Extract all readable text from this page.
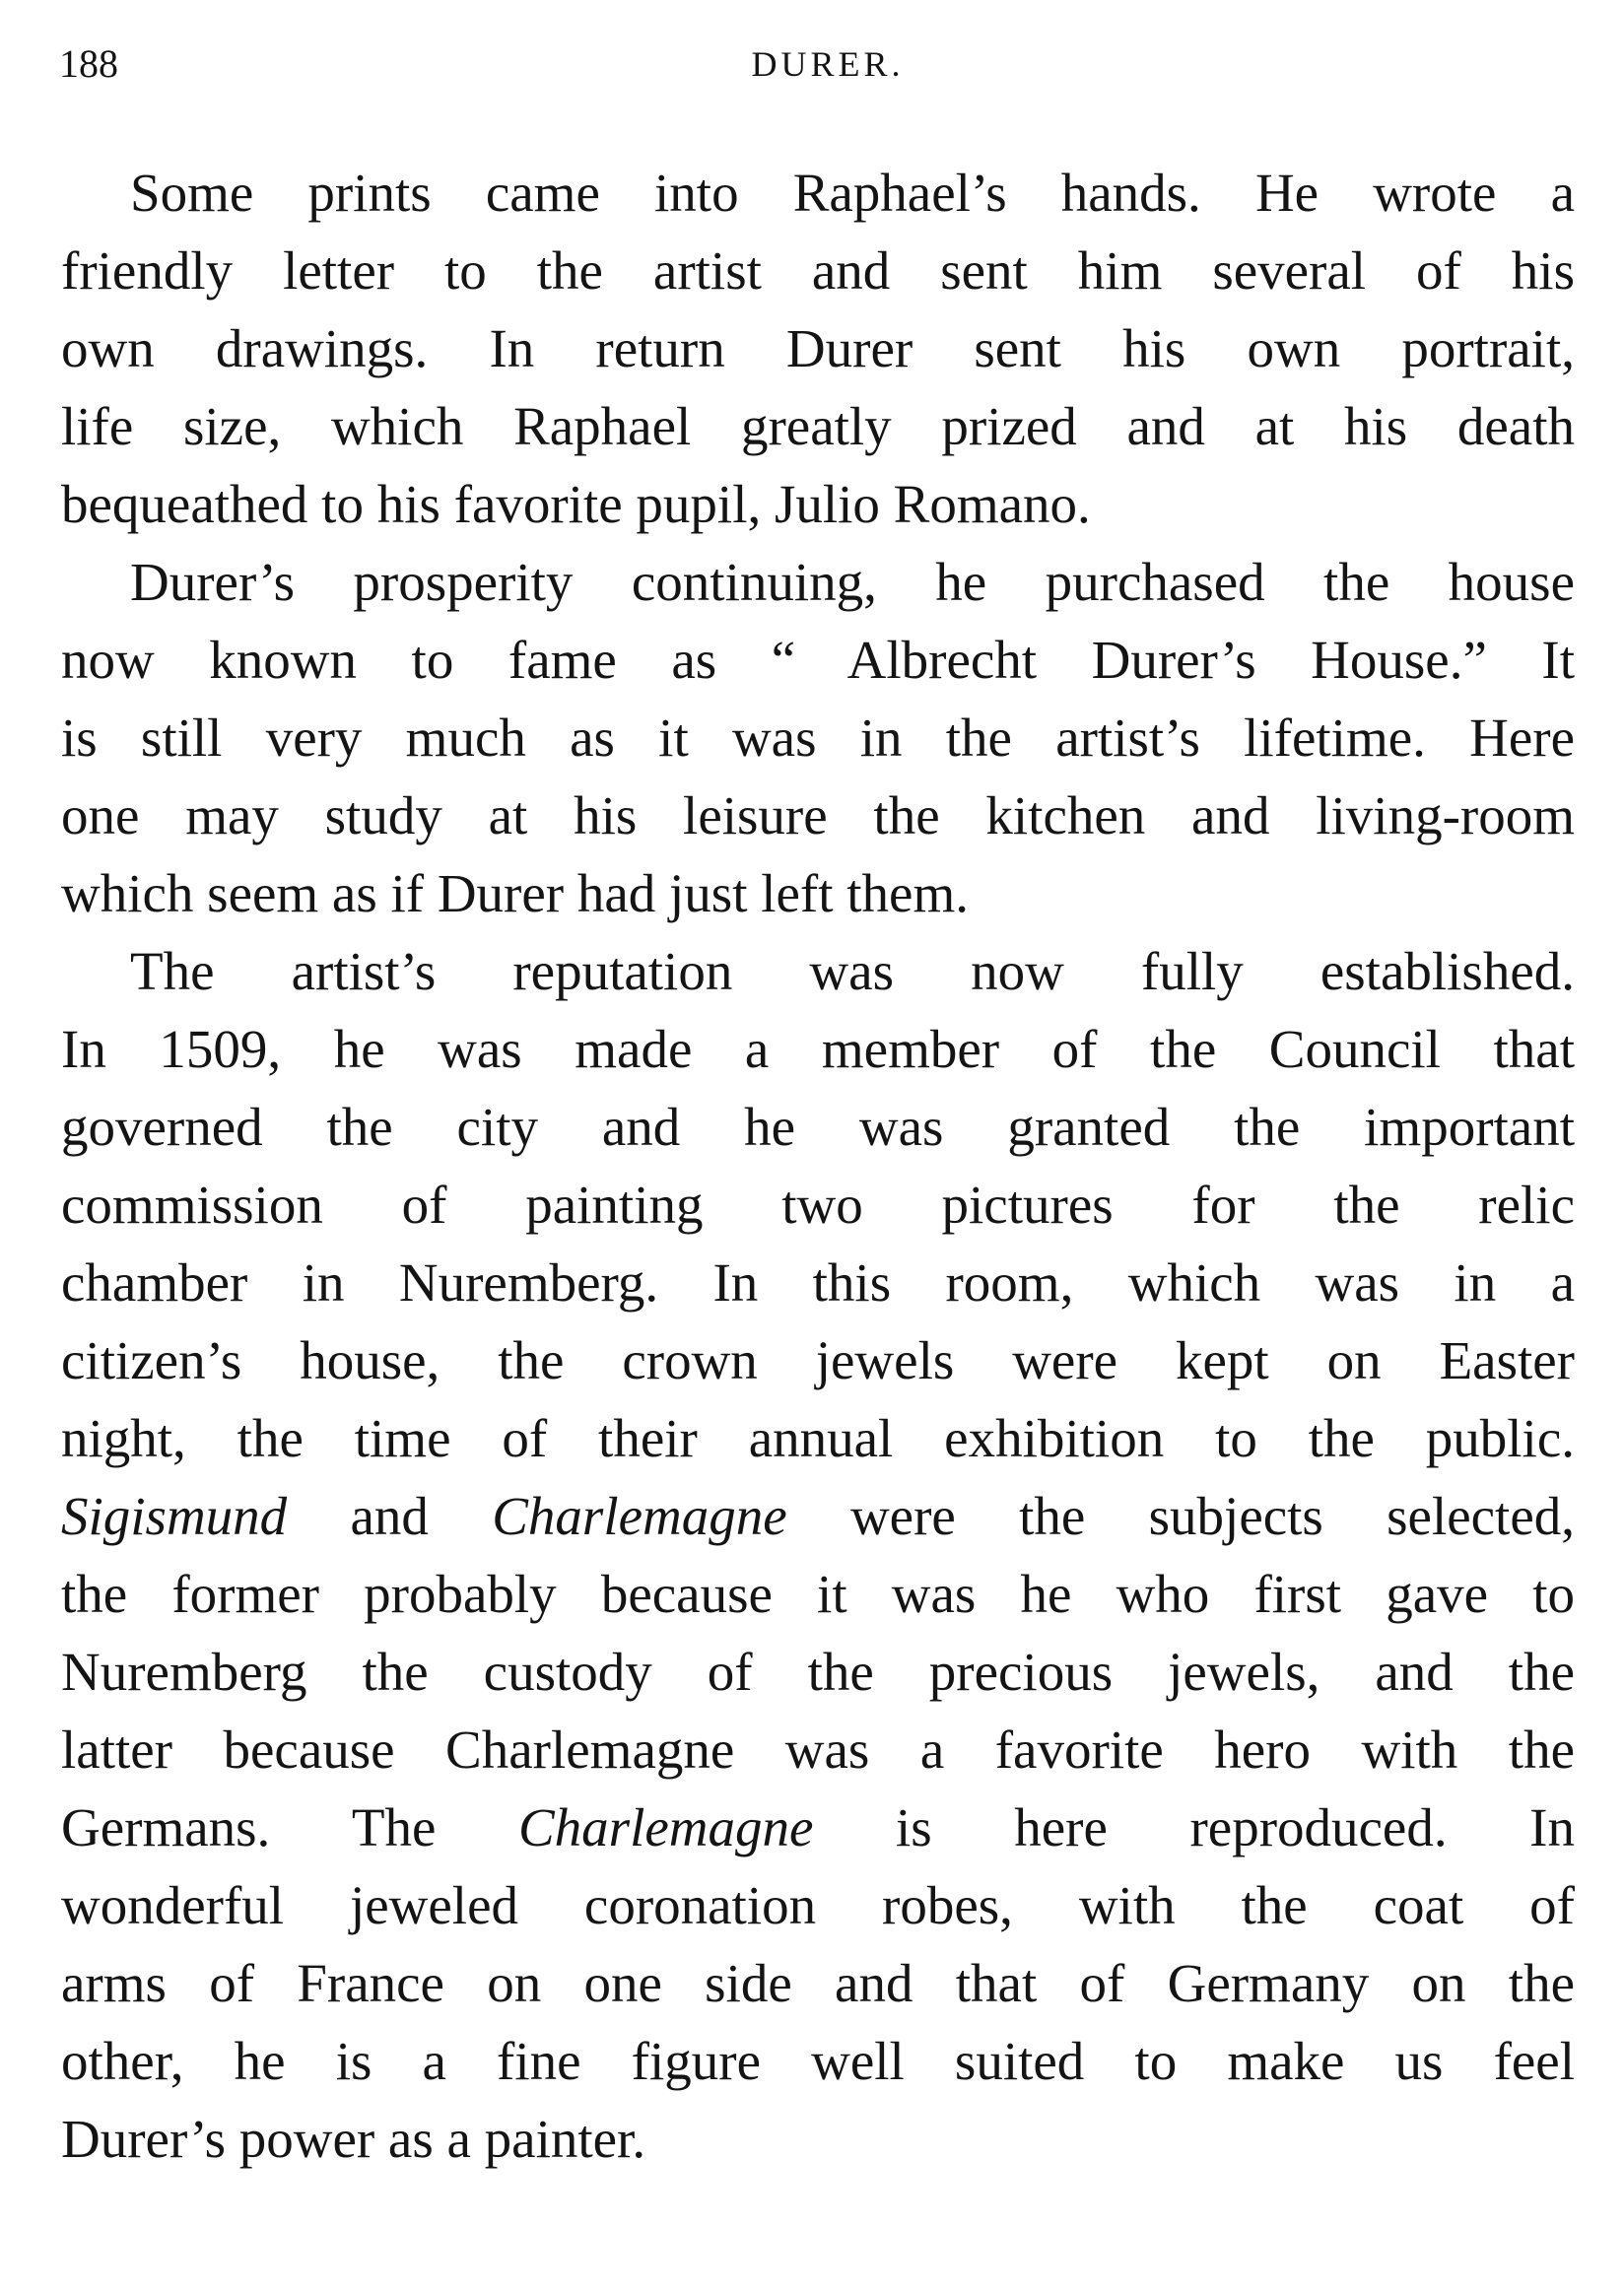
188	DURER.
Some prints came into Raphael’s hands. He wrote a
friendly letter to the artist and sent him several of his
own drawings. In return Durer sent his own portrait,
life size, which Raphael greatly prized and at his death
bequeathed to his favorite pupil, Julio Romano.
Durer’s prosperity continuing, he purchased the house
now known to fame as “ Albrecht Durer’s House.” It
is still very much as it was in the artist’s lifetime. Here
one may study at his leisure the kitchen and living-room
which seem as if Durer had just left them.
The artist’s reputation was now fully established.
In 1509, he was made a member of the Council that
governed the city and he was granted the important
commission of painting two pictures for the relic
chamber in Nuremberg. In this room, which was in a
citizen’s house, the crown jewels were kept on Easter
night, the time of their annual exhibition to the public.
Sigismund and Charlemagne were the subjects selected,
the former probably because it was he who first gave to
Nuremberg the custody of the precious jewels, and the
latter because Charlemagne was a favorite hero with the
Germans. The Charlemagne is here reproduced. In
wonderful jeweled coronation robes, with the coat of
arms of France on one side and that of Germany on the
other, he is a fine figure well suited to make us feel
Durer’s power as a painter.
